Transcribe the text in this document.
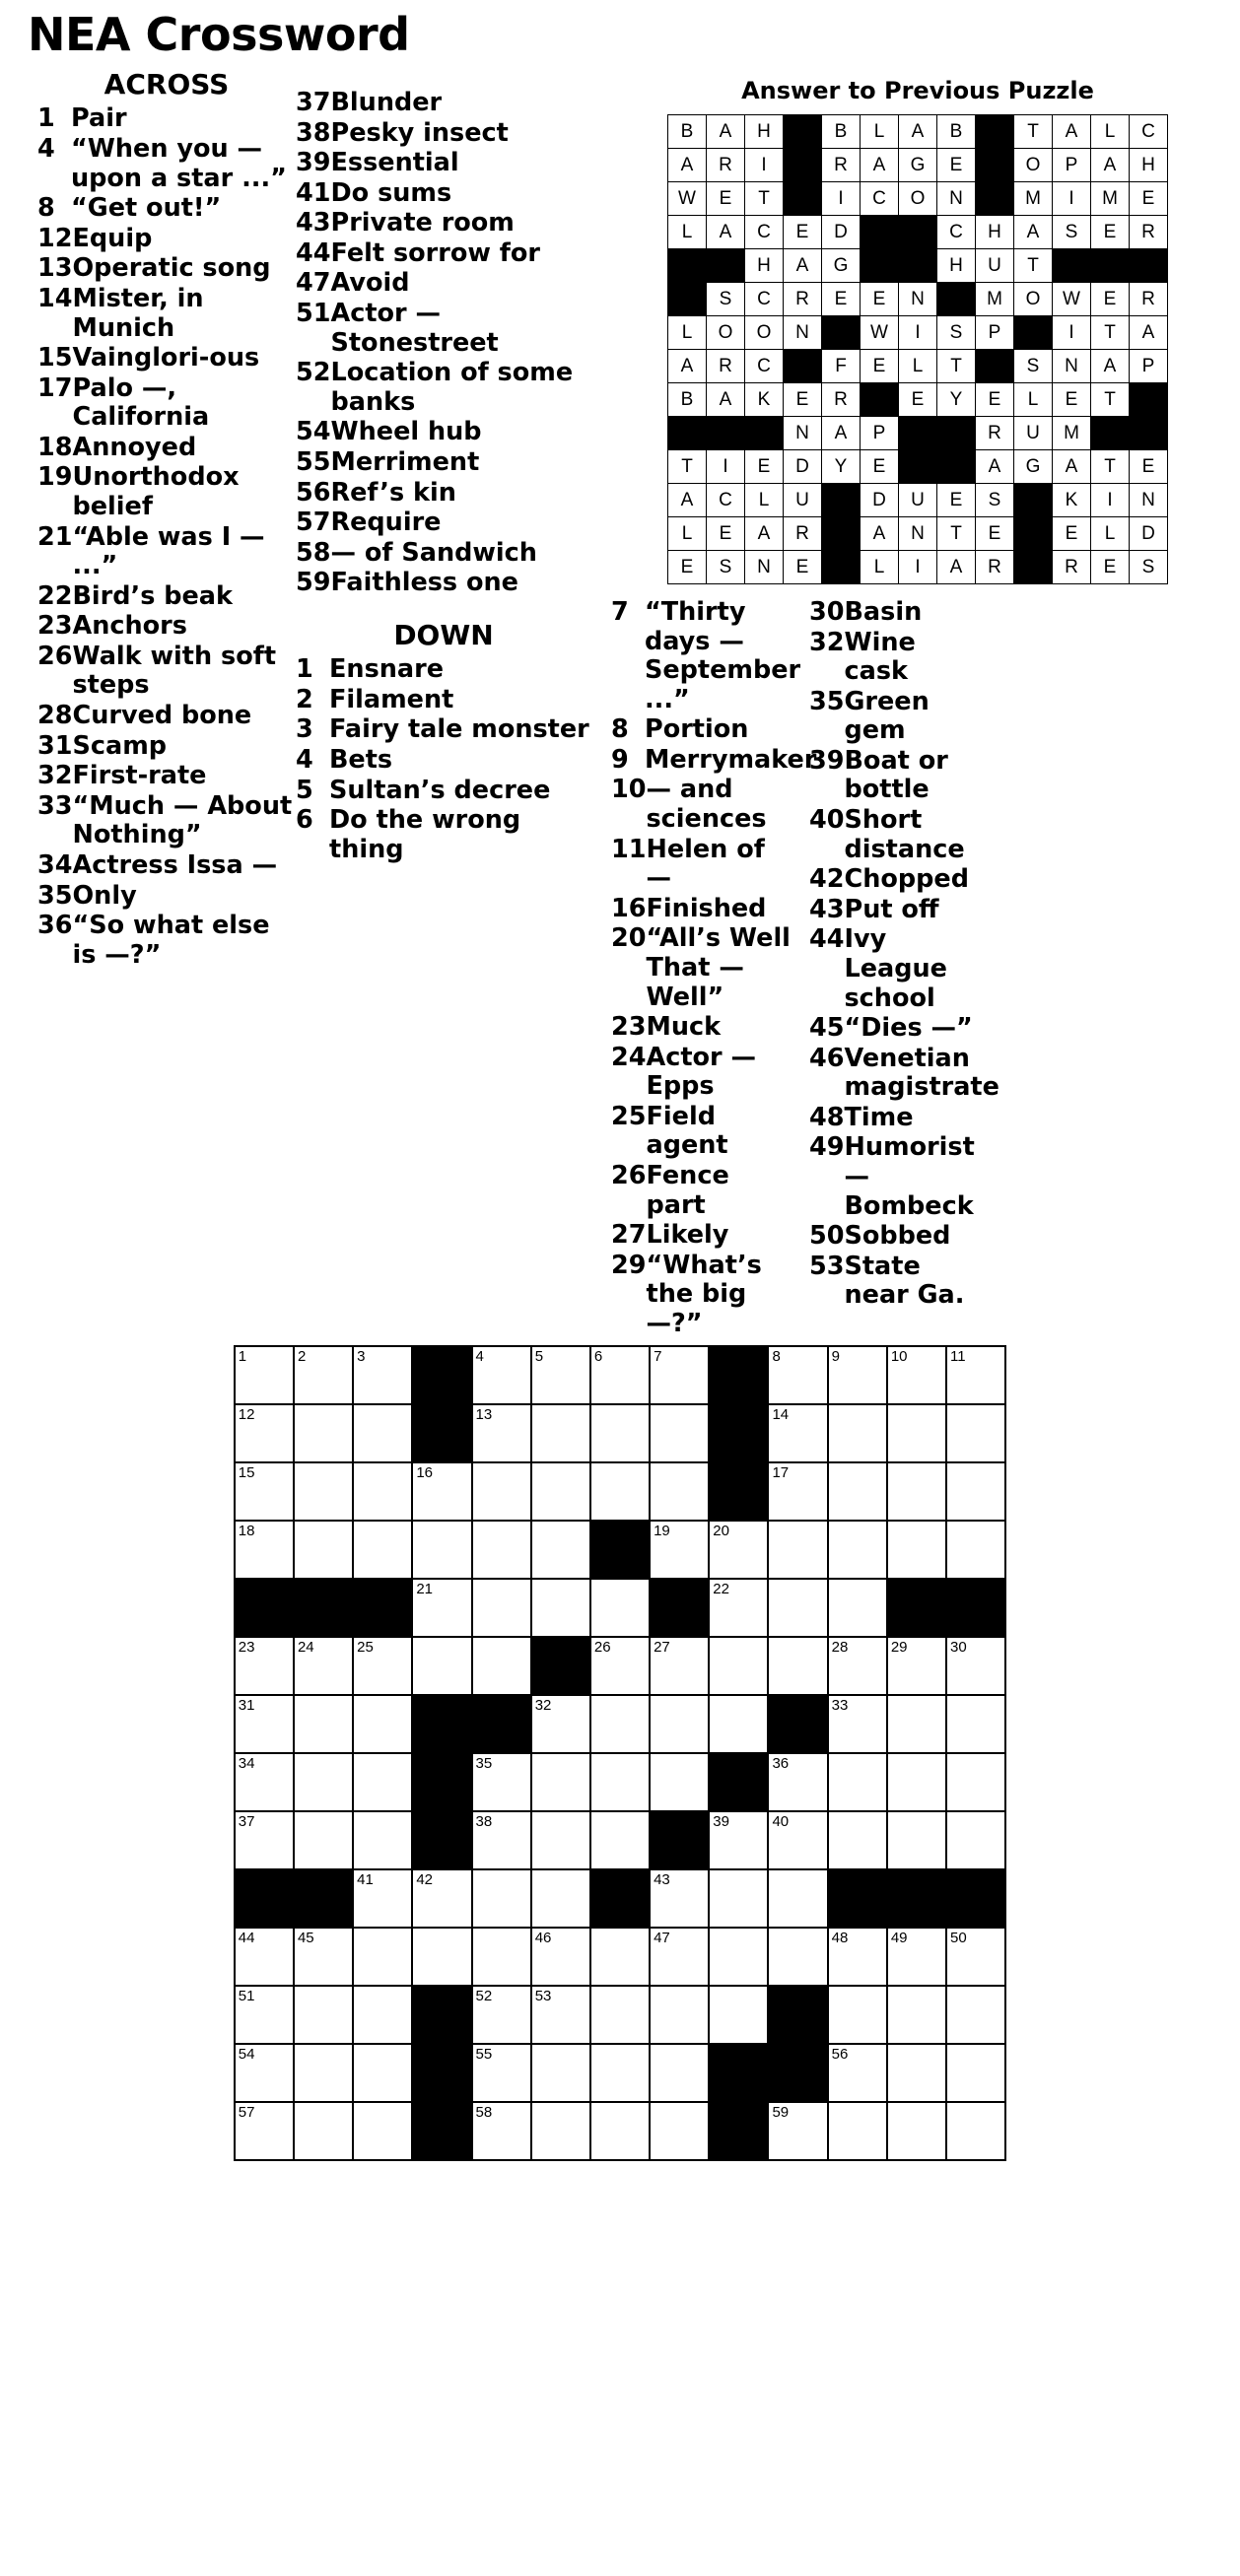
NEA Crossword
ACROSS
1 Pair
4 “When you — upon a star ...”
8 “Get out!”
12 Equip
13 Operatic song
14 Mister, in Munich
15 Vainglori-ous
17 Palo —, California
18 Annoyed
19 Unorthodox belief
21 “Able was I — ...”
22 Bird’s beak
23 Anchors
26 Walk with soft steps
28 Curved bone
31 Scamp
32 First-rate
33 “Much — About Nothing”
34 Actress Issa —
35 Only
36 “So what else is —?”
37 Blunder
38 Pesky insect
39 Essential
41 Do sums
43 Private room
44 Felt sorrow for
47 Avoid
51 Actor — Stonestreet
52 Location of some banks
54 Wheel hub
55 Merriment
56 Ref’s kin
57 Require
58 — of Sandwich
59 Faithless one
DOWN
1 Ensnare
2 Filament
3 Fairy tale monster
4 Bets
5 Sultan’s decree
6 Do the wrong thing
Answer to Previous Puzzle
B	A	H		B	L	A	B		T	A	L	C
A	R	I		R	A	G	E		O	P	A	H
W	E	T		I	C	O	N		M	I	M	E
L	A	C	E	D			C	H	A	S	E	R
		H	A	G			H	U	T			
	S	C	R	E	E	N		M	O	W	E	R
L	O	O	N		W	I	S	P		I	T	A
A	R	C		F	E	L	T		S	N	A	P
B	A	K	E	R		E	Y	E	L	E	T	
			N	A	P			R	U	M		
T	I	E	D	Y	E			A	G	A	T	E
A	C	L	U		D	U	E	S		K	I	N
L	E	A	R		A	N	T	E		E	L	D
E	S	N	E		L	I	A	R		R	E	S
7 “Thirty days — September ...”
8 Portion
9 Merrymaker
10 — and sciences
11 Helen of —
16 Finished
20 “All’s Well That — Well”
23 Muck
24 Actor — Epps
25 Field agent
26 Fence part
27 Likely
29 “What’s the big —?”
30 Basin
32 Wine cask
35 Green gem
39 Boat or bottle
40 Short distance
42 Chopped
43 Put off
44 Ivy League school
45 “Dies —”
46 Venetian magistrate
48 Time
49 Humorist — Bombeck
50 Sobbed
53 State near Ga.
1	2	3		4	5	6	7		8	9	10	11

12				13					14			

15			16						17			

18							19	20				

			21					22				

23	24	25				26	27			28	29	30

31					32					33		

34				35					36			

37				38				39	40			

		41	42				43					

44	45				46		47			48	49	50

51				52	53							

54				55						56		

57				58					59			
